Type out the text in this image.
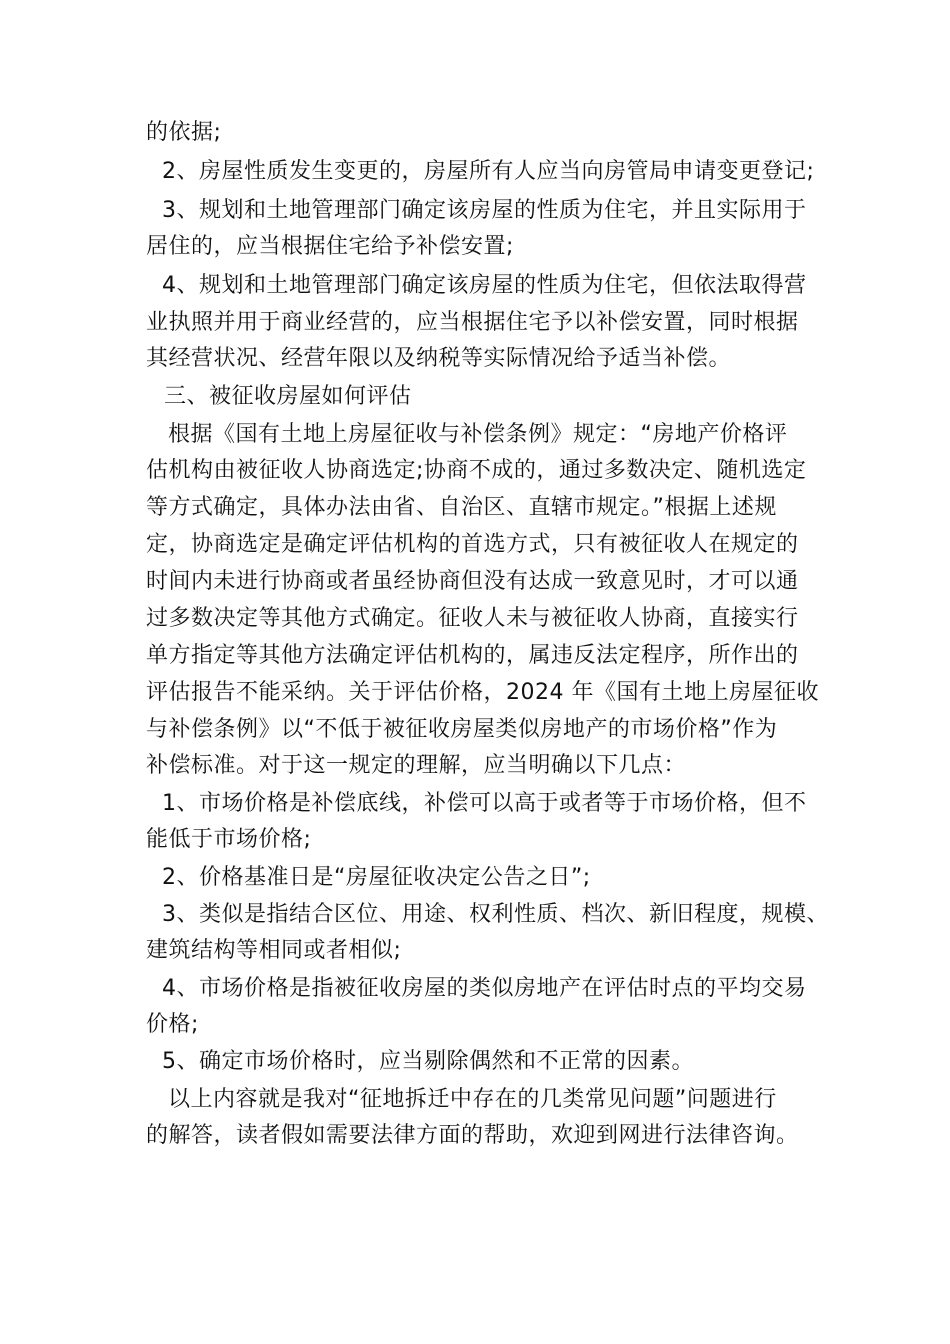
的依据;
2、房屋性质发生变更的，房屋所有人应当向房管局申请变更登记;
3、规划和土地管理部门确定该房屋的性质为住宅，并且实际用于
居住的，应当根据住宅给予补偿安置;
4、规划和土地管理部门确定该房屋的性质为住宅，但依法取得营
业执照并用于商业经营的，应当根据住宅予以补偿安置，同时根据
其经营状况、经营年限以及纳税等实际情况给予适当补偿。
三、被征收房屋如何评估
根据《国有土地上房屋征收与补偿条例》规定：“房地产价格评
估机构由被征收人协商选定;协商不成的，通过多数决定、随机选定
等方式确定，具体办法由省、自治区、直辖市规定。”根据上述规
定，协商选定是确定评估机构的首选方式，只有被征收人在规定的
时间内未进行协商或者虽经协商但没有达成一致意见时，才可以通
过多数决定等其他方式确定。征收人未与被征收人协商，直接实行
单方指定等其他方法确定评估机构的，属违反法定程序，所作出的
评估报告不能采纳。关于评估价格，2024 年《国有土地上房屋征收
与补偿条例》以“不低于被征收房屋类似房地产的市场价格”作为
补偿标准。对于这一规定的理解，应当明确以下几点：
1、市场价格是补偿底线，补偿可以高于或者等于市场价格，但不
能低于市场价格;
2、价格基准日是“房屋征收决定公告之日”;
3、类似是指结合区位、用途、权利性质、档次、新旧程度，规模、
建筑结构等相同或者相似;
4、市场价格是指被征收房屋的类似房地产在评估时点的平均交易
价格;
5、确定市场价格时，应当剔除偶然和不正常的因素。
以上内容就是我对“征地拆迁中存在的几类常见问题”问题进行
的解答，读者假如需要法律方面的帮助，欢迎到网进行法律咨询。
